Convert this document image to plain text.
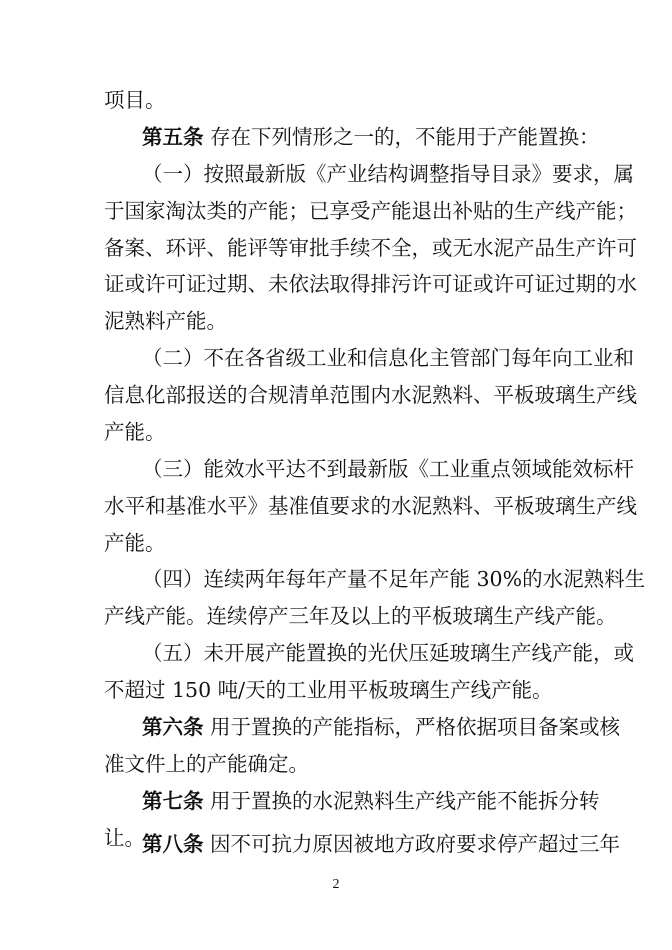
项目。
第五条 存在下列情形之一的，不能用于产能置换：
（一）按照最新版《产业结构调整指导目录》要求，属
于国家淘汰类的产能；已享受产能退出补贴的生产线产能；
备案、环评、能评等审批手续不全，或无水泥产品生产许可
证或许可证过期、未依法取得排污许可证或许可证过期的水
泥熟料产能。
（二）不在各省级工业和信息化主管部门每年向工业和
信息化部报送的合规清单范围内水泥熟料、平板玻璃生产线
产能。
（三）能效水平达不到最新版《工业重点领域能效标杆
水平和基准水平》基准值要求的水泥熟料、平板玻璃生产线
产能。
（四）连续两年每年产量不足年产能 30%的水泥熟料生
产线产能。连续停产三年及以上的平板玻璃生产线产能。
（五）未开展产能置换的光伏压延玻璃生产线产能，或
不超过 150 吨/天的工业用平板玻璃生产线产能。
第六条 用于置换的产能指标，严格依据项目备案或核
准文件上的产能确定。
第七条 用于置换的水泥熟料生产线产能不能拆分转
让。
第八条 因不可抗力原因被地方政府要求停产超过三年
2
